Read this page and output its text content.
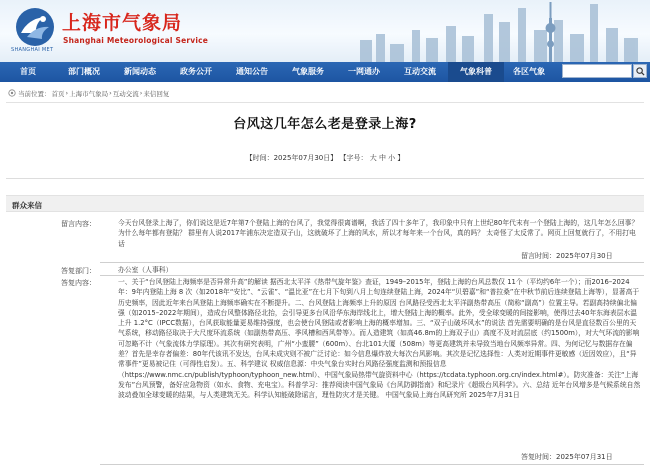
SHANGHAI MET
上海市气象局
Shanghai Meteorological Service
首页	部门概况	新闻动态	政务公开	通知公告	气象服务	一网通办	互动交流	气象科普	各区气象
当前位置： 首页 › 上海市气象局 › 互动交流 › 来信回复
台风这几年怎么老是登录上海?
【时间：2025年07月30日】 【字号： 大 中 小 】
群众来信
留言内容：	今天台风登录上海了，你们说这是近7年第7个登陆上海的台风了，我觉得很离谱啊，我活了四十多年了，我印象中只有上世纪80年代末有一个登陆上海的，这几年怎么回事？为什么每年都有登陆？ 群里有人说2017年浦东决定造双子山，这就破坏了上海的风水，所以才每年来一个台风，真的吗？ 太奇怪了太反常了。网页上回复就行了，不用打电话
留言时间：2025年07月30日
答复部门：	办公室（人事科）
答复内容：	一、关于“台风登陆上海频率是否异常升高”的解读 据西北太平洋《热带气旋年鉴》查证，1949–2015年，登陆上海的台风总数仅 11个（平均约6年一个）；而2016–2024年：9年内登陆上海 8 次（如2018年“安比”、“云雀”、“温比亚”在七月下旬到八月上旬连续登陆上海，2024年“贝碧嘉”和“普拉桑”在中秋节前后连续登陆上海等），显著高于历史频率，因此近年来台风登陆上海频率确实在不断提升。二、台风登陆上海频率上升的原因 台风路径受西北太平洋副热带高压（简称“副高”）位置主导。若副高持续偏北偏强（如2015–2022年期间），造成台风整体路径北抬，会引导更多台风沿华东海岸线北上，增大登陆上海的概率。此外，受全球变暖的间接影响，使得过去40年东海表层水温上升 1.2°C（IPCC数据），台风获取能量更易维持强度，也会使台风登陆或者影响上海的概率增加。三、“双子山破坏风水”的说法 首先需要明确的是台风是直径数百公里的天气系统，移动路径取决于大尺度环流系统（如副热带高压、季风槽和西风带等）。而人造建筑（如高46.8m的上海双子山）高度不及对流层底（约1500m），对大气环流的影响可忽略不计（气象流体力学原理）。其次有研究表明，广州“小蛮腰”（600m）、台北101大厦（508m）等更高建筑并未导致当地台风频率异常。四、为何记忆与数据存在偏差？首先是幸存者偏差：80年代该讯不发达，台风未成灾则不被广泛讨论：如今信息爆炸放大每次台风影响。其次是记忆选择性：人类对近期事件更敏感（近因效应），且“异常事件”更易被记住（可得性启发）。五、科学建议 权威信息源：中央气象台实时台风路径强度监测和预报信息（https://www.nmc.cn/publish/typhoon/typhoon_new.html）、中国气象局热带气旋资料中心（https://tcdata.typhoon.org.cn/index.html#）。防灾准备：关注“上海发布”台风预警，备好应急物资（如水、食物、充电宝）。科普学习：推荐阅读中国气象局《台风防御指南》和纪录片《超级台风科学》。六、总结 近年台风增多是气候系统自然波动叠加全球变暖的结果，与人类建筑无关。科学认知能破除谣言，理性防灾才是关键。 中国气象局上海台风研究所 2025年7月31日
答复时间：2025年07月31日
